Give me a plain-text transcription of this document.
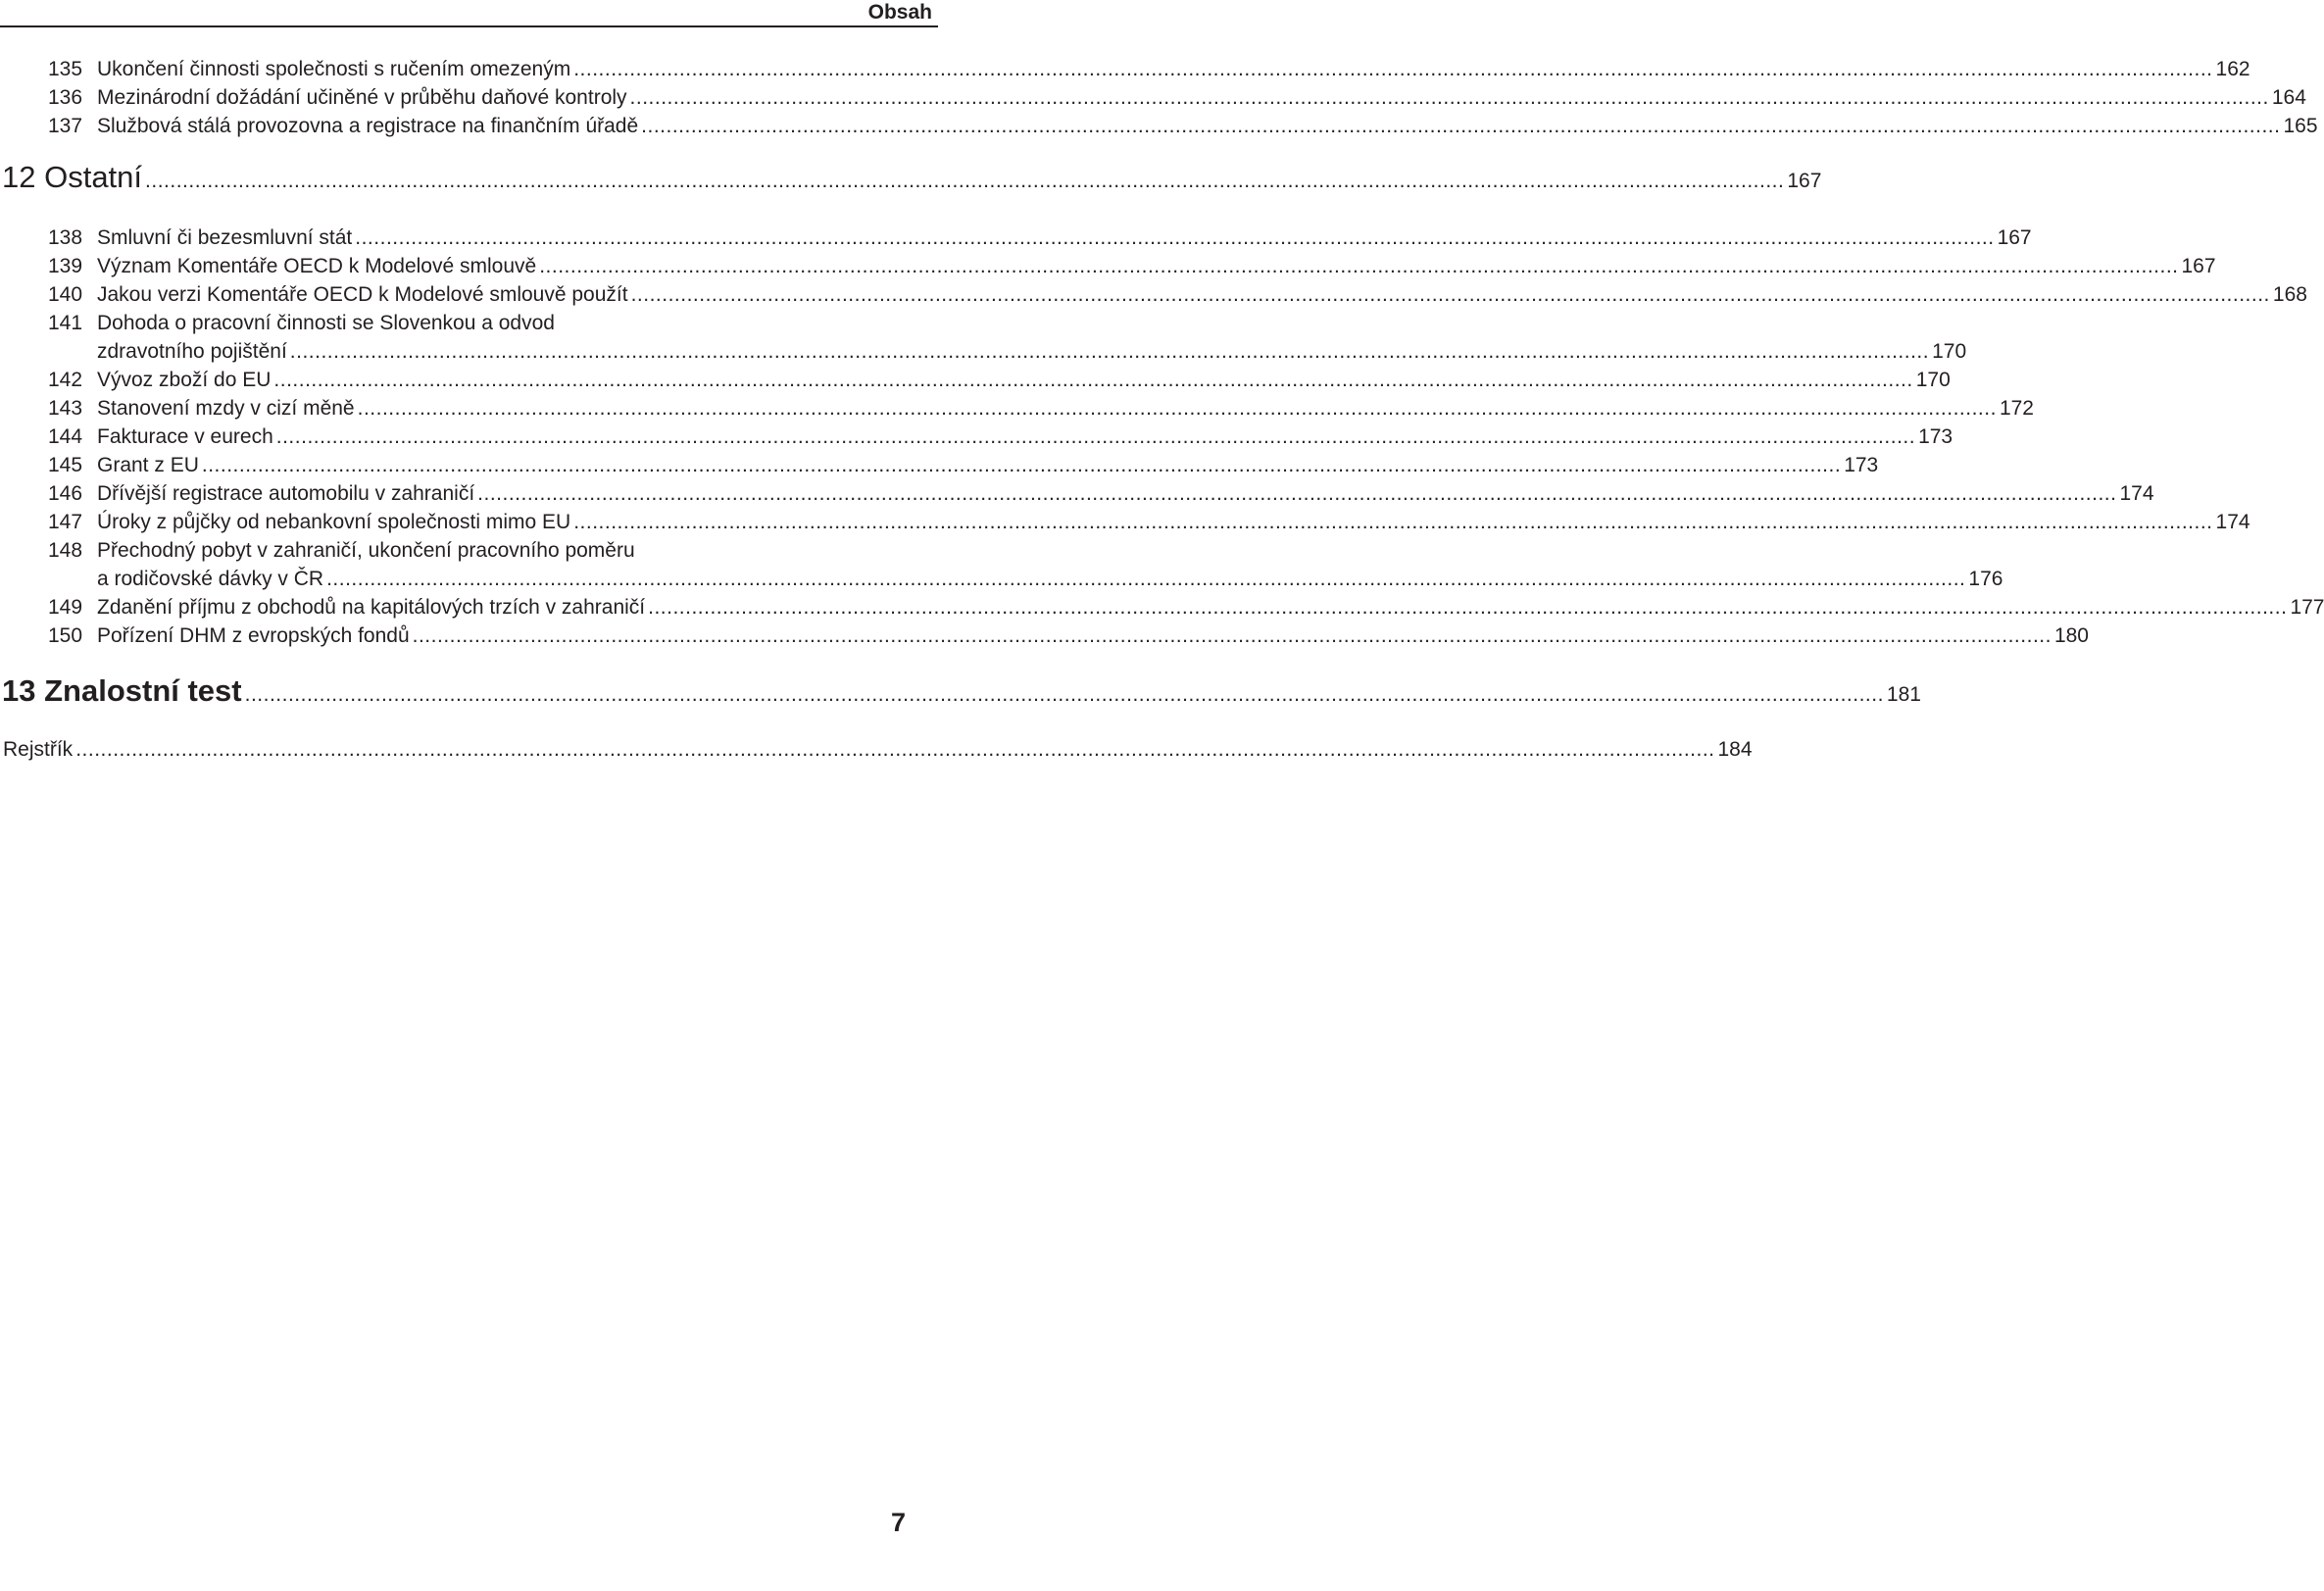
Obsah
135 Ukončení činnosti společnosti s ručením omezeným .....	162
136 Mezinárodní dožádání učiněné v průběhu daňové kontroly .....	164
137 Službová stálá provozovna a registrace na finančním úřadě .....	165
12 Ostatní .....	167
138 Smluvní či bezesmluvní stát .....	167
139 Význam Komentáře OECD k Modelové smlouvě .....	167
140 Jakou verzi Komentáře OECD k Modelové smlouvě použít .....	168
141 Dohoda o pracovní činnosti se Slovenkou a odvod
zdravotního pojištění .....	170
142 Vývoz zboží do EU .....	170
143 Stanovení mzdy v cizí měně .....	172
144 Fakturace v eurech .....	173
145 Grant z EU .....	173
146 Dřívější registrace automobilu v zahraničí .....	174
147 Úroky z půjčky od nebankovní společnosti mimo EU .....	174
148 Přechodný pobyt v zahraničí, ukončení pracovního poměru
a rodičovské dávky v ČR .....	176
149 Zdanění příjmu z obchodů na kapitálových trzích v zahraničí .....	177
150 Pořízení DHM z evropských fondů .....	180
13 Znalostní test .....	181
Rejstřík .....	184
7
